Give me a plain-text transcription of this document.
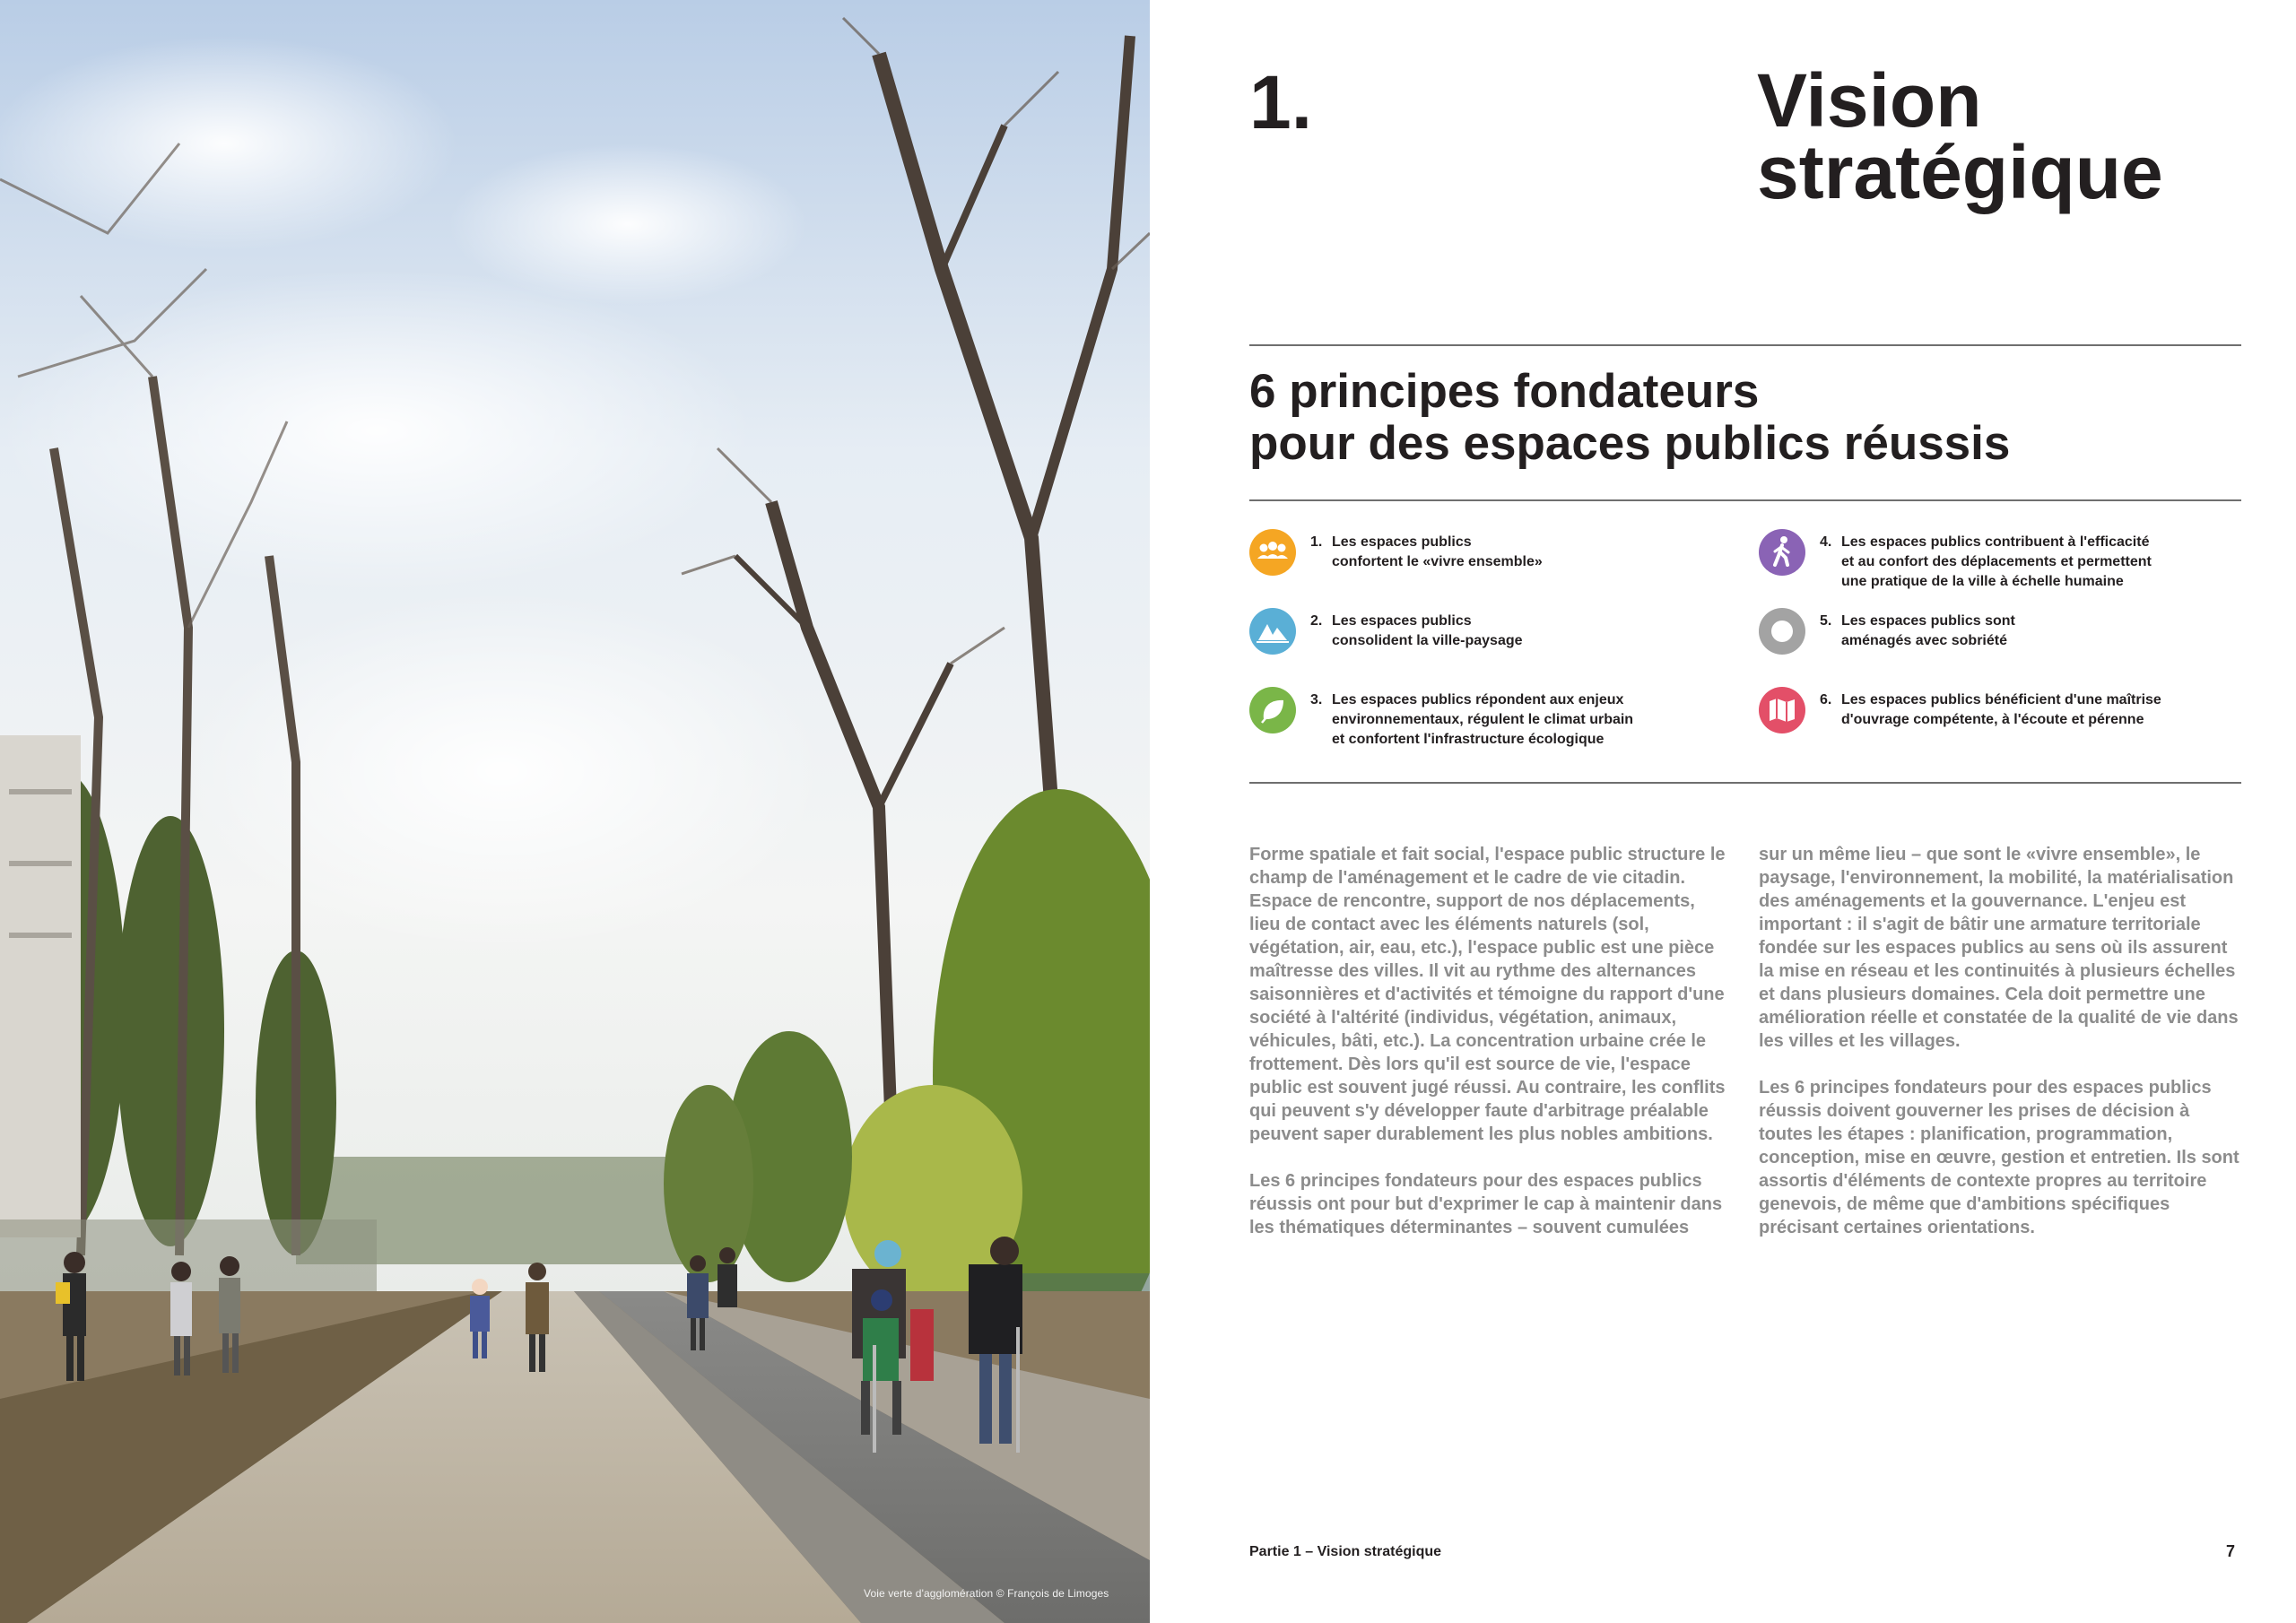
Voie verte d'agglomération © François de Limoges
1.	Vision
stratégique
6 principes fondateurs
pour des espaces publics réussis
1. Les espaces publics
confortent le «vivre ensemble»
2. Les espaces publics
consolident la ville-paysage
3. Les espaces publics répondent aux enjeux
environnementaux, régulent le climat urbain
et confortent l'infrastructure écologique
4. Les espaces publics contribuent à l'efficacité
et au confort des déplacements et permettent
une pratique de la ville à échelle humaine
5. Les espaces publics sont
aménagés avec sobriété
6. Les espaces publics bénéficient d'une maîtrise
d'ouvrage compétente, à l'écoute et pérenne

Forme spatiale et fait social, l'espace public structure le champ de l'aménagement et le cadre de vie citadin. Espace de rencontre, support de nos déplacements, lieu de contact avec les éléments naturels (sol, végétation, air, eau, etc.), l'espace public est une pièce maîtresse des villes. Il vit au rythme des alternances saisonnières et d'activités et témoigne du rapport d'une société à l'altérité (individus, végétation, animaux, véhicules, bâti, etc.). La concentration urbaine crée le frottement. Dès lors qu'il est source de vie, l'espace public est souvent jugé réussi. Au contraire, les conflits qui peuvent s'y développer faute d'arbitrage préalable peuvent saper durablement les plus nobles ambitions.

Les 6 principes fondateurs pour des espaces publics réussis ont pour but d'exprimer le cap à maintenir dans les thématiques déterminantes – souvent cumulées

sur un même lieu – que sont le «vivre ensemble», le paysage, l'environnement, la mobilité, la matérialisation des aménagements et la gouvernance. L'enjeu est important : il s'agit de bâtir une armature territoriale fondée sur les espaces publics au sens où ils assurent la mise en réseau et les continuités à plusieurs échelles et dans plusieurs domaines. Cela doit permettre une amélioration réelle et constatée de la qualité de vie dans les villes et les villages.

Les 6 principes fondateurs pour des espaces publics réussis doivent gouverner les prises de décision à toutes les étapes : planification, programmation, conception, mise en œuvre, gestion et entretien. Ils sont assortis d'éléments de contexte propres au territoire genevois, de même que d'ambitions spécifiques précisant certaines orientations.

Partie 1 – Vision stratégique	7
